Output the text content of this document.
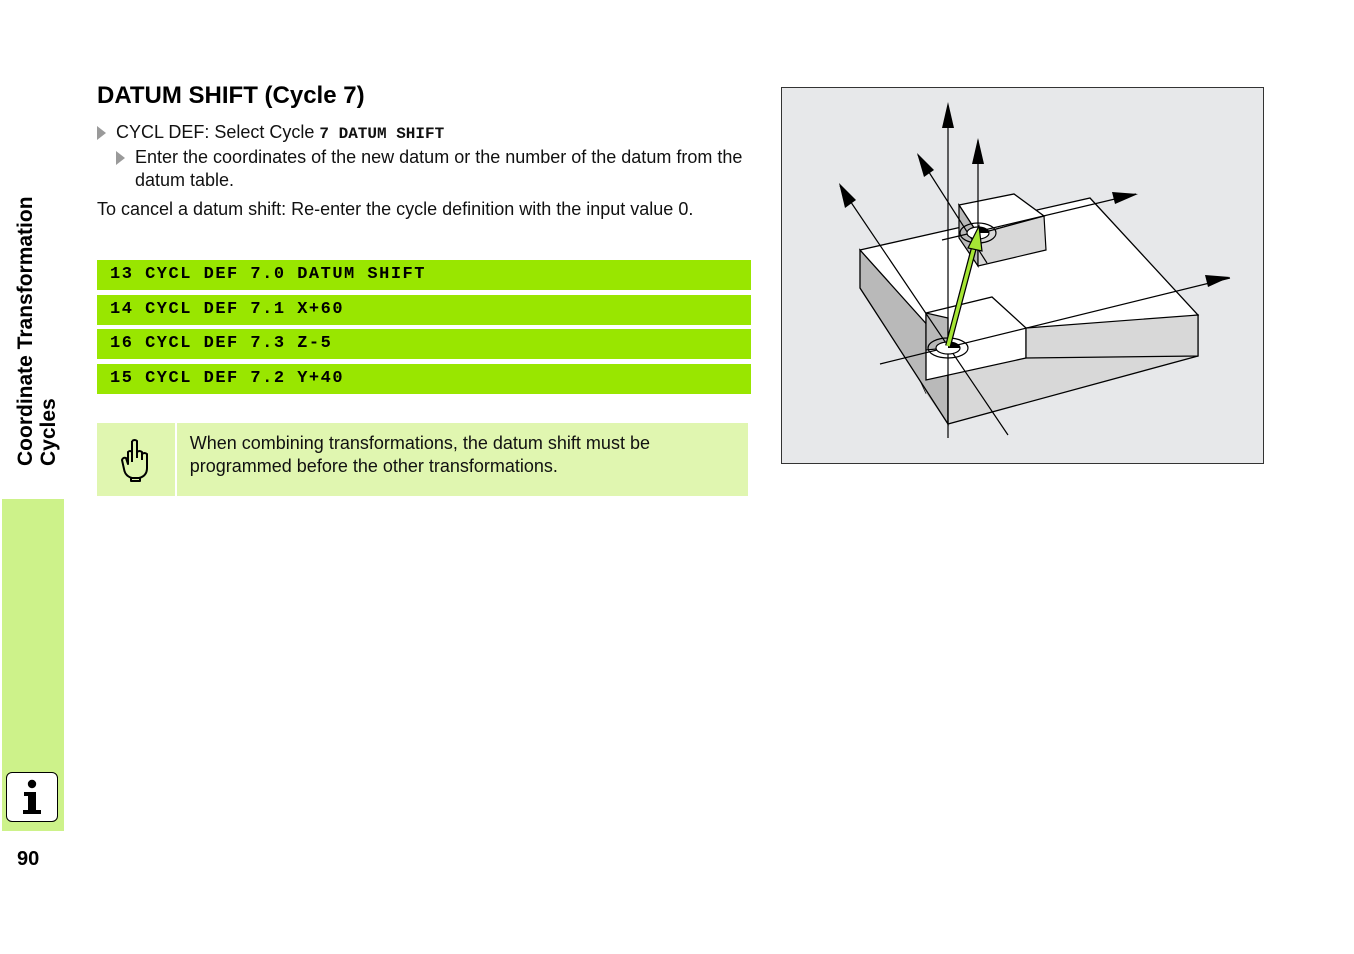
Coordinate Transformation Cycles
90
DATUM SHIFT (Cycle 7)
CYCL DEF: Select Cycle 7 DATUM SHIFT
Enter the coordinates of the new datum or the number of the datum from the datum table.
To cancel a datum shift: Re-enter the cycle definition with the input value 0.
13 CYCL DEF 7.0 DATUM SHIFT
14 CYCL DEF 7.1 X+60
16 CYCL DEF 7.3 Z-5
15 CYCL DEF 7.2 Y+40
When combining transformations, the datum shift must be programmed before the other transformations.
